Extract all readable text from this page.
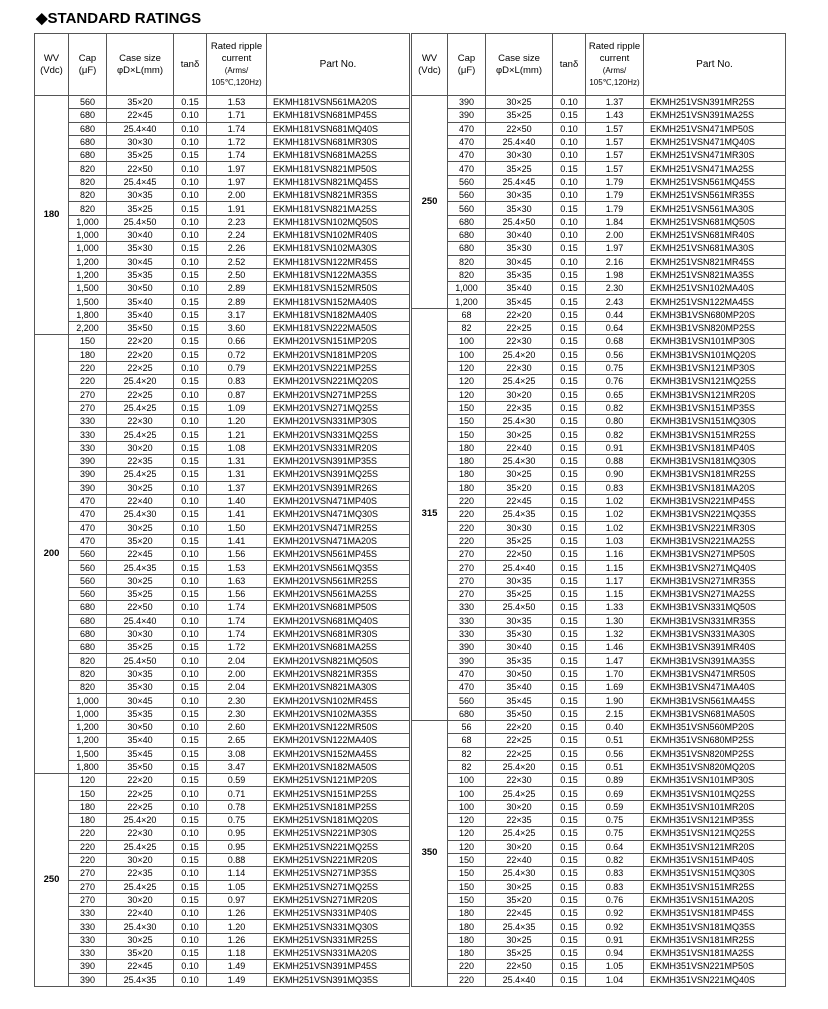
◆STANDARD RATINGS
WV
(Vdc)	Cap
(μF)	Case size
φD×L(mm)	tanδ	Rated ripple
current
(Arms/
105℃,120Hz)	Part No.
180	560	35×20	0.15	1.53	EKMH181VSN561MA20S
	680	22×45	0.10	1.71	EKMH181VSN681MP45S
	680	25.4×40	0.10	1.74	EKMH181VSN681MQ40S
	680	30×30	0.10	1.72	EKMH181VSN681MR30S
	680	35×25	0.15	1.74	EKMH181VSN681MA25S
	820	22×50	0.10	1.97	EKMH181VSN821MP50S
	820	25.4×45	0.10	1.97	EKMH181VSN821MQ45S
	820	30×35	0.10	2.00	EKMH181VSN821MR35S
	820	35×25	0.15	1.91	EKMH181VSN821MA25S
	1,000	25.4×50	0.10	2.23	EKMH181VSN102MQ50S
	1,000	30×40	0.10	2.24	EKMH181VSN102MR40S
	1,000	35×30	0.15	2.26	EKMH181VSN102MA30S
	1,200	30×45	0.10	2.52	EKMH181VSN122MR45S
	1,200	35×35	0.15	2.50	EKMH181VSN122MA35S
	1,500	30×50	0.10	2.89	EKMH181VSN152MR50S
	1,500	35×40	0.15	2.89	EKMH181VSN152MA40S
	1,800	35×40	0.15	3.17	EKMH181VSN182MA40S
	2,200	35×50	0.15	3.60	EKMH181VSN222MA50S
200	150	22×20	0.15	0.66	EKMH201VSN151MP20S
	180	22×20	0.15	0.72	EKMH201VSN181MP20S
	220	22×25	0.10	0.79	EKMH201VSN221MP25S
	220	25.4×20	0.15	0.83	EKMH201VSN221MQ20S
	270	22×25	0.10	0.87	EKMH201VSN271MP25S
	270	25.4×25	0.15	1.09	EKMH201VSN271MQ25S
	330	22×30	0.10	1.20	EKMH201VSN331MP30S
	330	25.4×25	0.15	1.21	EKMH201VSN331MQ25S
	330	30×20	0.15	1.08	EKMH201VSN331MR20S
	390	22×35	0.15	1.31	EKMH201VSN391MP35S
	390	25.4×25	0.15	1.31	EKMH201VSN391MQ25S
	390	30×25	0.10	1.37	EKMH201VSN391MR26S
	470	22×40	0.10	1.40	EKMH201VSN471MP40S
	470	25.4×30	0.15	1.41	EKMH201VSN471MQ30S
	470	30×25	0.10	1.50	EKMH201VSN471MR25S
	470	35×20	0.15	1.41	EKMH201VSN471MA20S
	560	22×45	0.10	1.56	EKMH201VSN561MP45S
	560	25.4×35	0.15	1.53	EKMH201VSN561MQ35S
	560	30×25	0.10	1.63	EKMH201VSN561MR25S
	560	35×25	0.15	1.56	EKMH201VSN561MA25S
	680	22×50	0.10	1.74	EKMH201VSN681MP50S
	680	25.4×40	0.10	1.74	EKMH201VSN681MQ40S
	680	30×30	0.10	1.74	EKMH201VSN681MR30S
	680	35×25	0.15	1.72	EKMH201VSN681MA25S
	820	25.4×50	0.10	2.04	EKMH201VSN821MQ50S
	820	30×35	0.10	2.00	EKMH201VSN821MR35S
	820	35×30	0.15	2.04	EKMH201VSN821MA30S
	1,000	30×45	0.10	2.30	EKMH201VSN102MR45S
	1,000	35×35	0.15	2.30	EKMH201VSN102MA35S
	1,200	30×50	0.10	2.60	EKMH201VSN122MR50S
	1,200	35×40	0.15	2.65	EKMH201VSN122MA40S
	1,500	35×45	0.15	3.08	EKMH201VSN152MA45S
	1,800	35×50	0.15	3.47	EKMH201VSN182MA50S
250	120	22×20	0.15	0.59	EKMH251VSN121MP20S
	150	22×25	0.10	0.71	EKMH251VSN151MP25S
	180	22×25	0.10	0.78	EKMH251VSN181MP25S
	180	25.4×20	0.15	0.75	EKMH251VSN181MQ20S
	220	22×30	0.10	0.95	EKMH251VSN221MP30S
	220	25.4×25	0.15	0.95	EKMH251VSN221MQ25S
	220	30×20	0.15	0.88	EKMH251VSN221MR20S
	270	22×35	0.10	1.14	EKMH251VSN271MP35S
	270	25.4×25	0.15	1.05	EKMH251VSN271MQ25S
	270	30×20	0.15	0.97	EKMH251VSN271MR20S
	330	22×40	0.10	1.26	EKMH251VSN331MP40S
	330	25.4×30	0.10	1.20	EKMH251VSN331MQ30S
	330	30×25	0.10	1.26	EKMH251VSN331MR25S
	330	35×20	0.15	1.18	EKMH251VSN331MA20S
	390	22×45	0.10	1.49	EKMH251VSN391MP45S
	390	25.4×35	0.10	1.49	EKMH251VSN391MQ35S
WV
(Vdc)	Cap
(μF)	Case size
φD×L(mm)	tanδ	Rated ripple
current
(Arms/
105℃,120Hz)	Part No.
250	390	30×25	0.10	1.37	EKMH251VSN391MR25S
	390	35×25	0.15	1.43	EKMH251VSN391MA25S
	470	22×50	0.10	1.57	EKMH251VSN471MP50S
	470	25.4×40	0.10	1.57	EKMH251VSN471MQ40S
	470	30×30	0.10	1.57	EKMH251VSN471MR30S
	470	35×25	0.15	1.57	EKMH251VSN471MA25S
	560	25.4×45	0.10	1.79	EKMH251VSN561MQ45S
	560	30×35	0.10	1.79	EKMH251VSN561MR35S
	560	35×30	0.15	1.79	EKMH251VSN561MA30S
	680	25.4×50	0.10	1.84	EKMH251VSN681MQ50S
	680	30×40	0.10	2.00	EKMH251VSN681MR40S
	680	35×30	0.15	1.97	EKMH251VSN681MA30S
	820	30×45	0.10	2.16	EKMH251VSN821MR45S
	820	35×35	0.15	1.98	EKMH251VSN821MA35S
	1,000	35×40	0.15	2.30	EKMH251VSN102MA40S
	1,200	35×45	0.15	2.43	EKMH251VSN122MA45S
315	68	22×20	0.15	0.44	EKMH3B1VSN680MP20S
	82	22×25	0.15	0.64	EKMH3B1VSN820MP25S
	100	22×30	0.15	0.68	EKMH3B1VSN101MP30S
	100	25.4×20	0.15	0.56	EKMH3B1VSN101MQ20S
	120	22×30	0.15	0.75	EKMH3B1VSN121MP30S
	120	25.4×25	0.15	0.76	EKMH3B1VSN121MQ25S
	120	30×20	0.15	0.65	EKMH3B1VSN121MR20S
	150	22×35	0.15	0.82	EKMH3B1VSN151MP35S
	150	25.4×30	0.15	0.80	EKMH3B1VSN151MQ30S
	150	30×25	0.15	0.82	EKMH3B1VSN151MR25S
	180	22×40	0.15	0.91	EKMH3B1VSN181MP40S
	180	25.4×30	0.15	0.88	EKMH3B1VSN181MQ30S
	180	30×25	0.15	0.90	EKMH3B1VSN181MR25S
	180	35×20	0.15	0.83	EKMH3B1VSN181MA20S
	220	22×45	0.15	1.02	EKMH3B1VSN221MP45S
	220	25.4×35	0.15	1.02	EKMH3B1VSN221MQ35S
	220	30×30	0.15	1.02	EKMH3B1VSN221MR30S
	220	35×25	0.15	1.03	EKMH3B1VSN221MA25S
	270	22×50	0.15	1.16	EKMH3B1VSN271MP50S
	270	25.4×40	0.15	1.15	EKMH3B1VSN271MQ40S
	270	30×35	0.15	1.17	EKMH3B1VSN271MR35S
	270	35×25	0.15	1.15	EKMH3B1VSN271MA25S
	330	25.4×50	0.15	1.33	EKMH3B1VSN331MQ50S
	330	30×35	0.15	1.30	EKMH3B1VSN331MR35S
	330	35×30	0.15	1.32	EKMH3B1VSN331MA30S
	390	30×40	0.15	1.46	EKMH3B1VSN391MR40S
	390	35×35	0.15	1.47	EKMH3B1VSN391MA35S
	470	30×50	0.15	1.70	EKMH3B1VSN471MR50S
	470	35×40	0.15	1.69	EKMH3B1VSN471MA40S
	560	35×45	0.15	1.90	EKMH3B1VSN561MA45S
	680	35×50	0.15	2.15	EKMH3B1VSN681MA50S
350	56	22×20	0.15	0.40	EKMH351VSN560MP20S
	68	22×25	0.15	0.51	EKMH351VSN680MP25S
	82	22×25	0.15	0.56	EKMH351VSN820MP25S
	82	25.4×20	0.15	0.51	EKMH351VSN820MQ20S
	100	22×30	0.15	0.89	EKMH351VSN101MP30S
	100	25.4×25	0.15	0.69	EKMH351VSN101MQ25S
	100	30×20	0.15	0.59	EKMH351VSN101MR20S
	120	22×35	0.15	0.75	EKMH351VSN121MP35S
	120	25.4×25	0.15	0.75	EKMH351VSN121MQ25S
	120	30×20	0.15	0.64	EKMH351VSN121MR20S
	150	22×40	0.15	0.82	EKMH351VSN151MP40S
	150	25.4×30	0.15	0.83	EKMH351VSN151MQ30S
	150	30×25	0.15	0.83	EKMH351VSN151MR25S
	150	35×20	0.15	0.76	EKMH351VSN151MA20S
	180	22×45	0.15	0.92	EKMH351VSN181MP45S
	180	25.4×35	0.15	0.92	EKMH351VSN181MQ35S
	180	30×25	0.15	0.91	EKMH351VSN181MR25S
	180	35×25	0.15	0.94	EKMH351VSN181MA25S
	220	22×50	0.15	1.05	EKMH351VSN221MP50S
	220	25.4×40	0.15	1.04	EKMH351VSN221MQ40S
